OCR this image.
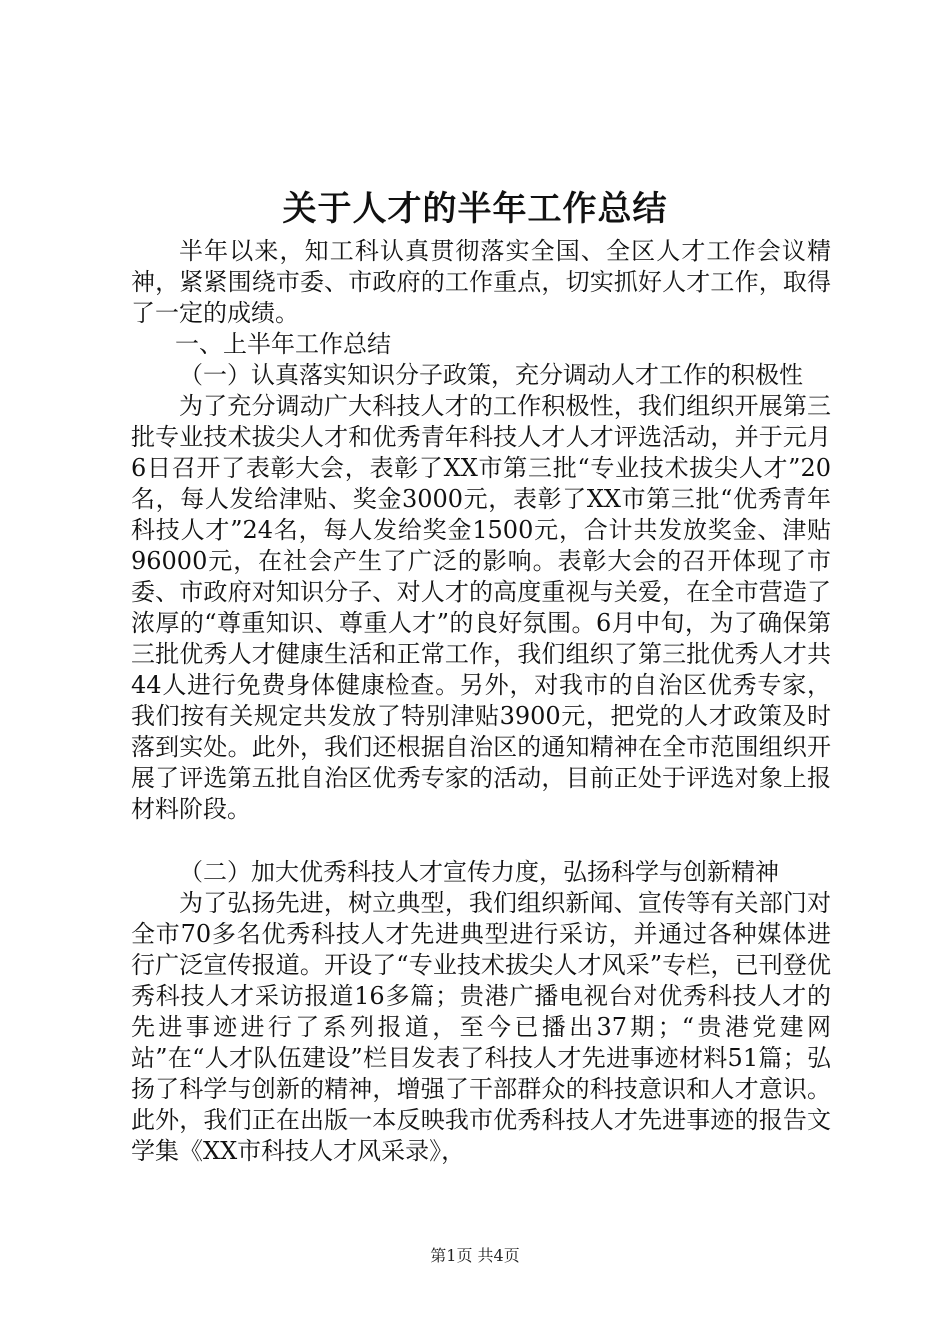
关于人才的半年工作总结

半年以来，知工科认真贯彻落实全国、全区人才工作会议精神，紧紧围绕市委、市政府的工作重点，切实抓好人才工作，取得了一定的成绩。

一、上半年工作总结

（一）认真落实知识分子政策，充分调动人才工作的积极性

为了充分调动广大科技人才的工作积极性，我们组织开展第三批专业技术拔尖人才和优秀青年科技人才人才评选活动，并于元月6日召开了表彰大会，表彰了XX市第三批“专业技术拔尖人才”20名，每人发给津贴、奖金3000元，表彰了XX市第三批“优秀青年科技人才”24名，每人发给奖金1500元，合计共发放奖金、津贴96000元，在社会产生了广泛的影响。表彰大会的召开体现了市委、市政府对知识分子、对人才的高度重视与关爱，在全市营造了浓厚的“尊重知识、尊重人才”的良好氛围。6月中旬，为了确保第三批优秀人才健康生活和正常工作，我们组织了第三批优秀人才共44人进行免费身体健康检查。另外，对我市的自治区优秀专家，我们按有关规定共发放了特别津贴3900元，把党的人才政策及时落到实处。此外，我们还根据自治区的通知精神在全市范围组织开展了评选第五批自治区优秀专家的活动，目前正处于评选对象上报材料阶段。

（二）加大优秀科技人才宣传力度，弘扬科学与创新精神

为了弘扬先进，树立典型，我们组织新闻、宣传等有关部门对全市70多名优秀科技人才先进典型进行采访，并通过各种媒体进行广泛宣传报道。开设了“专业技术拔尖人才风采”专栏，已刊登优秀科技人才采访报道16多篇；贵港广播电视台对优秀科技人才的先进事迹进行了系列报道，至今已播出37期；“贵港党建网站”在“人才队伍建设”栏目发表了科技人才先进事迹材料51篇；弘扬了科学与创新的精神，增强了干部群众的科技意识和人才意识。此外，我们正在出版一本反映我市优秀科技人才先进事迹的报告文学集《XX市科技人才风采录》，

第1页 共4页
